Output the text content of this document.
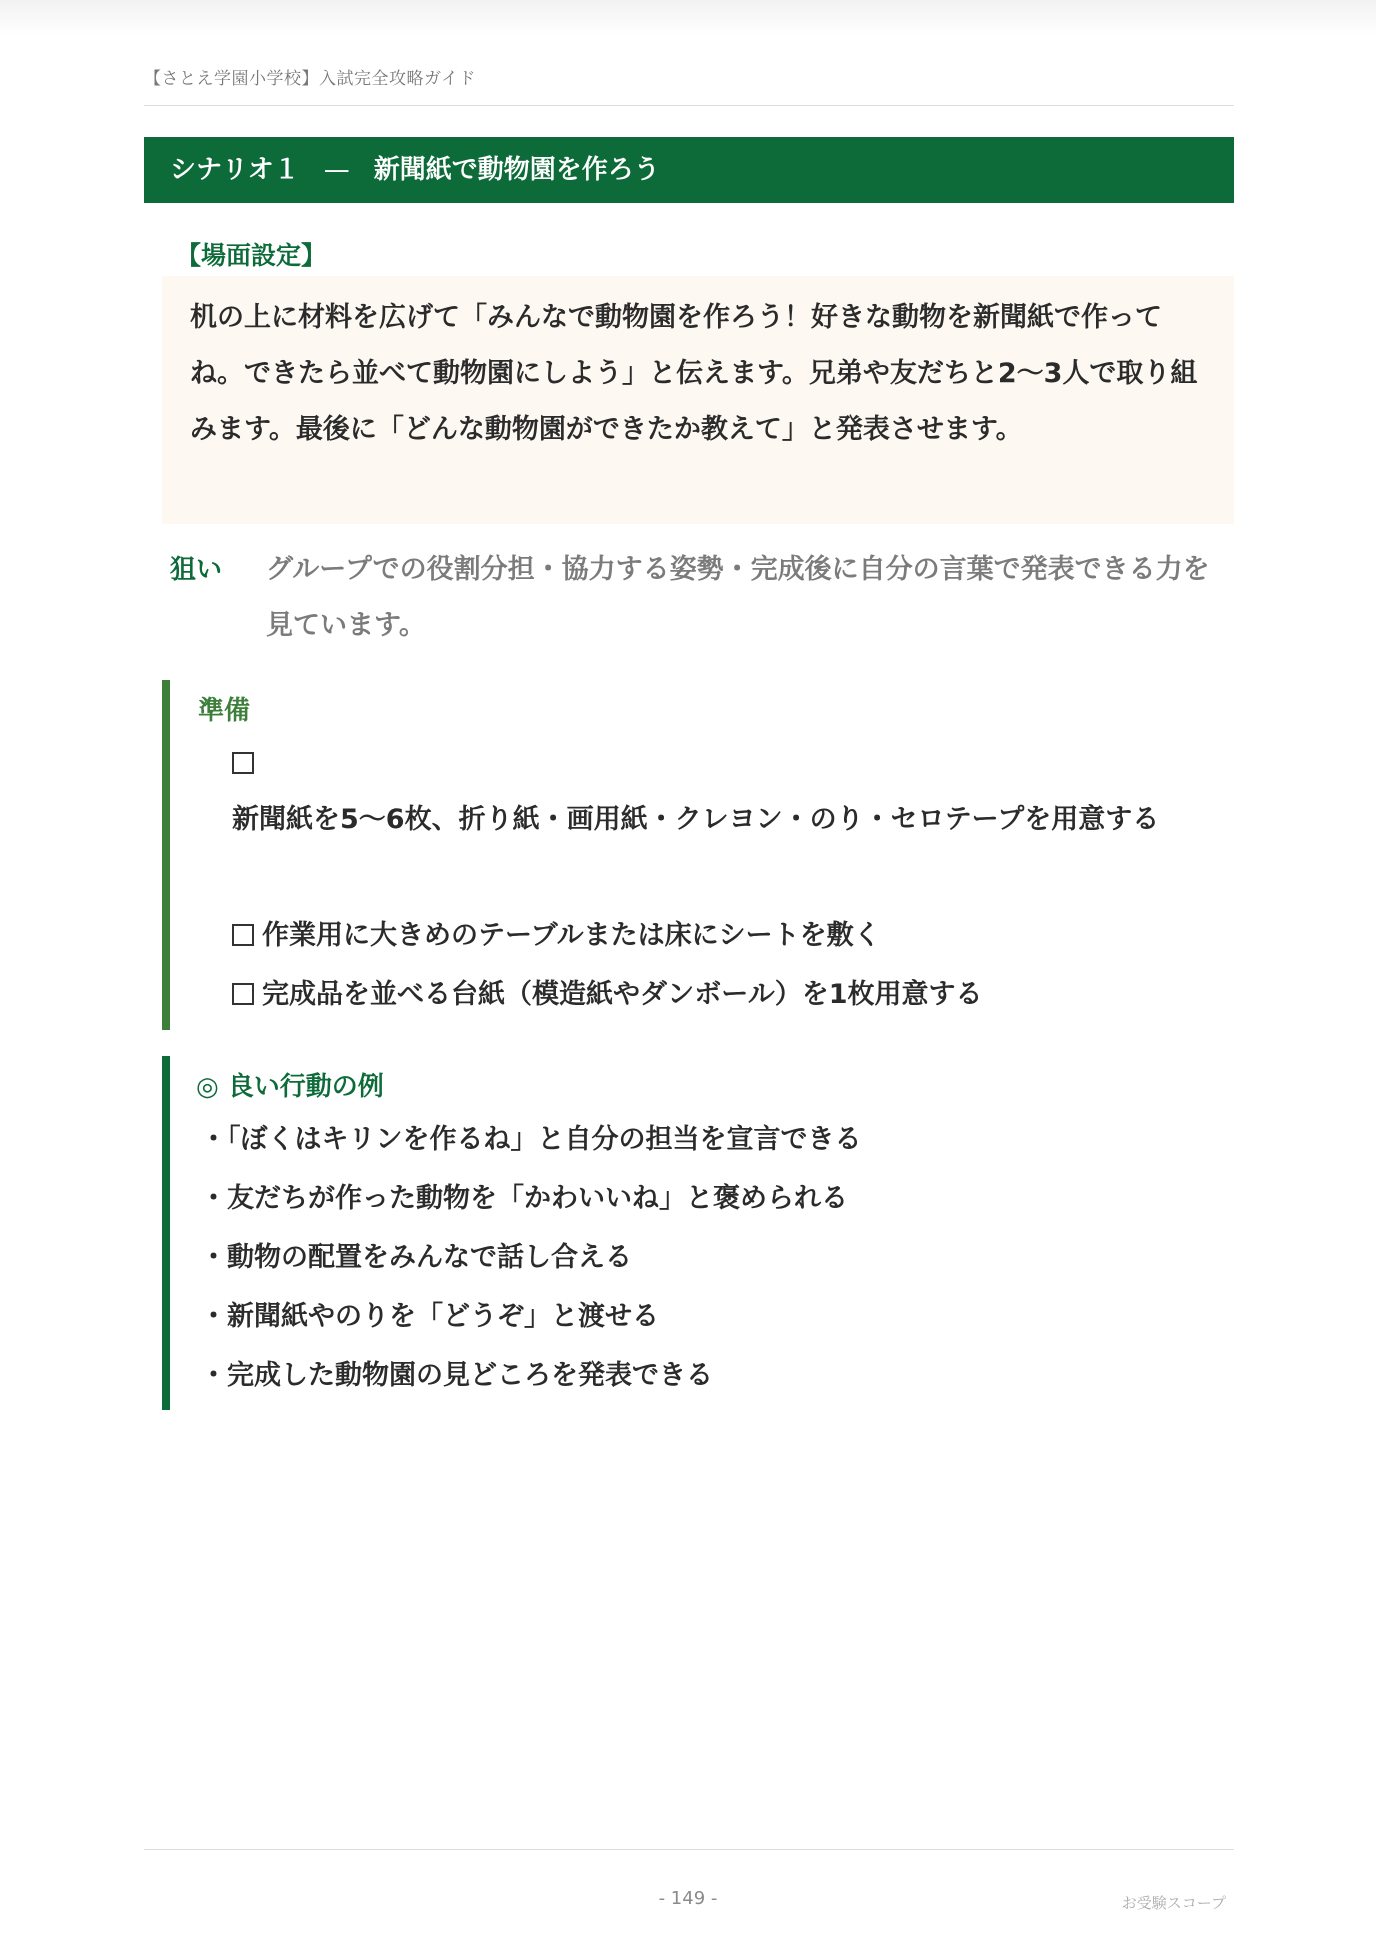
【さとえ学園小学校】入試完全攻略ガイド
シナリオ１ — 新聞紙で動物園を作ろう
【場面設定】
机の上に材料を広げて「みんなで動物園を作ろう！好きな動物を新聞紙で作ってね。できたら並べて動物園にしよう」と伝えます。兄弟や友だちと2〜3人で取り組みます。最後に「どんな動物園ができたか教えて」と発表させます。
狙い	グループでの役割分担・協力する姿勢・完成後に自分の言葉で発表できる力を見ています。
準備
新聞紙を5〜6枚、折り紙・画用紙・クレヨン・のり・セロテープを用意する
作業用に大きめのテーブルまたは床にシートを敷く
完成品を並べる台紙（模造紙やダンボール）を1枚用意する
◎ 良い行動の例
・「ぼくはキリンを作るね」と自分の担当を宣言できる
・友だちが作った動物を「かわいいね」と褒められる
・動物の配置をみんなで話し合える
・新聞紙やのりを「どうぞ」と渡せる
・完成した動物園の見どころを発表できる
- 149 -	お受験スコープ
